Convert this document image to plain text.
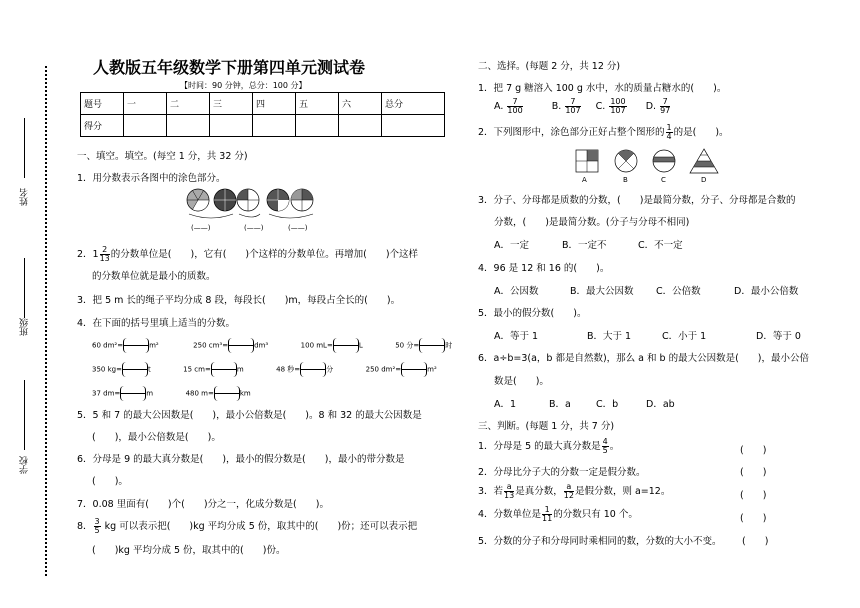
姓名
班级
学校
人教版五年级数学下册第四单元测试卷
【时间：90 分钟，总分：100 分】
题号	一	二	三	四	五	六	总分
得分							
一、填空。填空。(每空 1 分，共 32 分)
1．用分数表示各图中的涂色部分。
(——)	(——)	(——)
2．$1 \frac{2}{13}$ 的分数单位是(　　)，它有(　　)个这样的分数单位。再增加(　　)个这样
的分数单位就是最小的质数。
3．把 5 m 长的绳子平均分成 8 段，每段长(　　)m，每段占全长的(　　)。
4．在下面的括号里填上适当的分数。
60 dm²=	m²	250 cm³=	dm³	100 mL=	L	50 分=	时
350 kg=	t	15 cm=	m	48 秒=	分	250 dm²=	m²
37 dm=	m	480 m=	km
5．5 和 7 的最大公因数是(　　)，最小公倍数是(　　)。8 和 32 的最大公因数是
(　　)，最小公倍数是(　　)。
6．分母是 9 的最大真分数是(　　)，最小的假分数是(　　)，最小的带分数是
(　　)。
7．0.08 里面有(　　)个(　　)分之一，化成分数是(　　)。
8． $\frac{3}{5}$ kg 可以表示把(　　)kg 平均分成 5 份，取其中的(　　)份；还可以表示把
(　　)kg 平均分成 5 份，取其中的(　　)份。
二、选择。(每题 2 分，共 12 分)
1．把 7 g 糖溶入 100 g 水中，水的质量占糖水的(　　)。
A. $\frac{7}{100}$	B. $\frac{7}{107} C$. $\frac{100}{107} D$. $\frac{7}{97}$
2．下列图形中，涂色部分正好占整个图形的 $\frac{1}{4}$ 的是(　　)。
A	B	C	D
3．分子、分母都是质数的分数，(　　)是最简分数，分子、分母都是合数的
分数，(　　)是最简分数。(分子与分母不相同)
A．一定	B．一定不	C．不一定
4．96 是 12 和 16 的(　　)。
A．公因数	B．最大公因数 C．公倍数	D．最小公倍数
5．最小的假分数(　　)。
A．等于 1	B．大于 1	C．小于 1	D．等于 0
6．a÷b=3(a，b 都是自然数)，那么 a 和 b 的最大公因数是(　　)，最小公倍
数是(　　)。
A．1	B．a	C．b	D．ab
三、判断。(每题 1 分，共 7 分)
1．分母是 5 的最大真分数是 $\frac{4}{5}$ 。	(　　)
2．分母比分子大的分数一定是假分数。	(　　)
3．若 $\frac{a}{13}$ 是真分数， $\frac{a}{12}$ 是假分数，则 a=12。	(　　)
4．分数单位是 $\frac{1}{11}$ 的分数只有 10 个。	(　　)
5．分数的分子和分母同时乘相同的数，分数的大小不变。 (　　)
